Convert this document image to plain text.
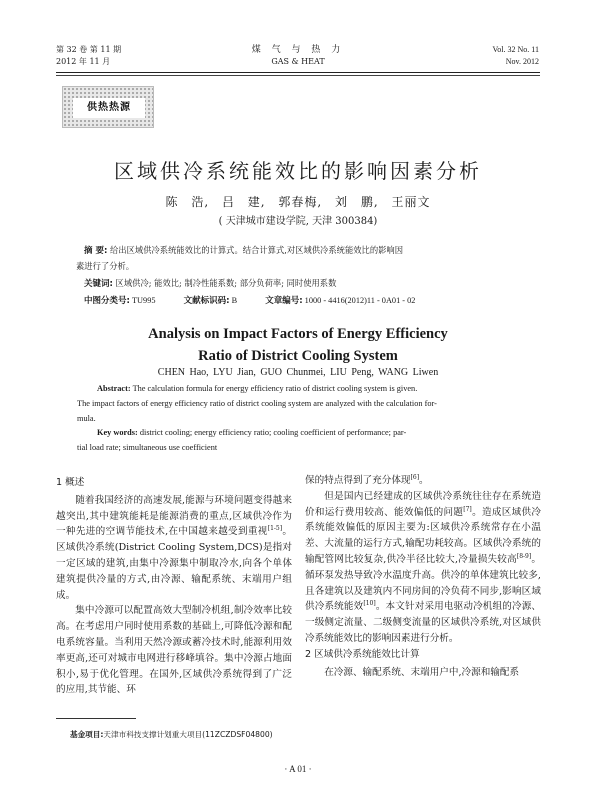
第 32 卷 第 11 期
2012 年 11 月
煤 气 与 热 力
GAS & HEAT
Vol. 32 No. 11
Nov. 2012
供热热源
区域供冷系统能效比的影响因素分析
陈 浩, 吕 建, 郭春梅, 刘 鹏, 王丽文
( 天津城市建设学院, 天津 300384)
摘 要: 给出区域供冷系统能效比的计算式。结合计算式,对区域供冷系统能效比的影响因
素进行了分析。
关键词: 区域供冷; 能效比; 制冷性能系数; 部分负荷率; 同时使用系数
中图分类号: TU995	文献标识码: B	文章编号: 1000 - 4416(2012)11 - 0A01 - 02
Analysis on Impact Factors of Energy Efficiency
Ratio of District Cooling System
CHEN Hao, LYU Jian, GUO Chunmei, LIU Peng, WANG Liwen
Abstract: The calculation formula for energy efficiency ratio of district cooling system is given.
The impact factors of energy efficiency ratio of district cooling system are analyzed with the calculation for-
mula.
Key words: district cooling; energy efficiency ratio; cooling coefficient of performance; par-
tial load rate; simultaneous use coefficient
1 概述

随着我国经济的高速发展,能源与环境问题变得越来越突出,其中建筑能耗是能源消费的重点,区域供冷作为一种先进的空调节能技术,在中国越来越受到重视[1-5]。区域供冷系统(District Cooling System,DCS)是指对一定区域的建筑,由集中冷源集中制取冷水,向各个单体建筑提供冷量的方式,由冷源、输配系统、末端用户组成。

集中冷源可以配置高效大型制冷机组,制冷效率比较高。在考虑用户同时使用系数的基础上,可降低冷源和配电系统容量。当利用天然冷源或蓄冷技术时,能源利用效率更高,还可对城市电网进行移峰填谷。集中冷源占地面积小,易于优化管理。在国外,区域供冷系统得到了广泛的应用,其节能、环

保的特点得到了充分体现[6]。

但是国内已经建成的区域供冷系统往往存在系统造价和运行费用较高、能效偏低的问题[7]。造成区域供冷系统能效偏低的原因主要为:区域供冷系统常存在小温差、大流量的运行方式,输配功耗较高。区域供冷系统的输配管网比较复杂,供冷半径比较大,冷量损失较高[8-9]。循环泵发热导致冷水温度升高。供冷的单体建筑比较多,且各建筑以及建筑内不同房间的冷负荷不同步,影响区域供冷系统能效[10]。本文针对采用电驱动冷机组的冷源、一级侧定流量、二级侧变流量的区域供冷系统,对区域供冷系统能效比的影响因素进行分析。

2 区域供冷系统能效比计算

在冷源、输配系统、末端用户中,冷源和输配系

基金项目:天津市科技支撑计划重大项目(11ZCZDSF04800)
· A 01 ·
